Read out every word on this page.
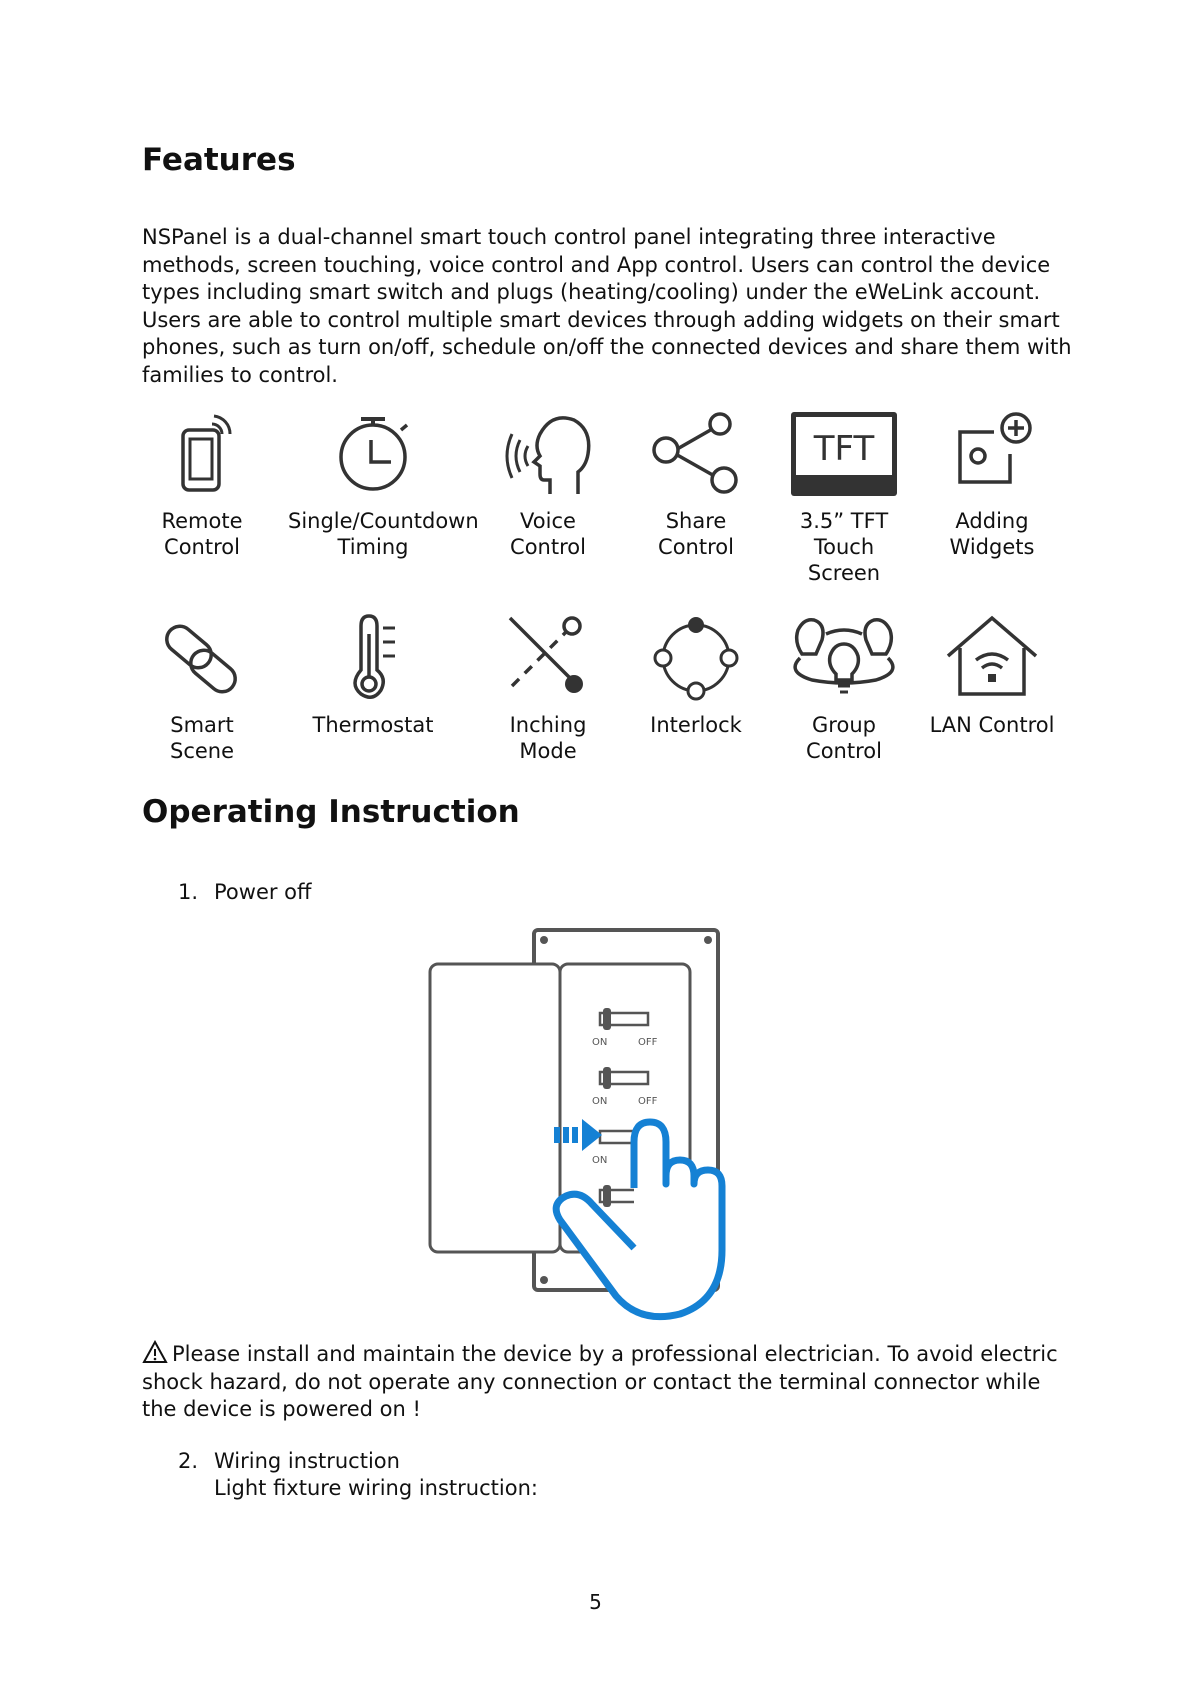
Features

NSPanel is a dual-channel smart touch control panel integrating three interactive methods, screen touching, voice control and App control. Users can control the device types including smart switch and plugs (heating/cooling) under the eWeLink account. Users are able to control multiple smart devices through adding widgets on their smart phones, such as turn on/off, schedule on/off the connected devices and share them with families to control.

Remote
Control
Single/Countdown
Timing
Voice
Control
Share
Control
TFT
3.5” TFT
Touch
Screen
Adding
Widgets
Smart
Scene
Thermostat	Inching
Mode
Interlock	Group
Control
LAN Control
Operating Instruction
1. Power off
ON	OFF
ON	OFF
ON

Please install and maintain the device by a professional electrician. To avoid electric shock hazard, do not operate any connection or contact the terminal connector while the device is powered on !

2. Wiring instruction
Light fixture wiring instruction:
5
